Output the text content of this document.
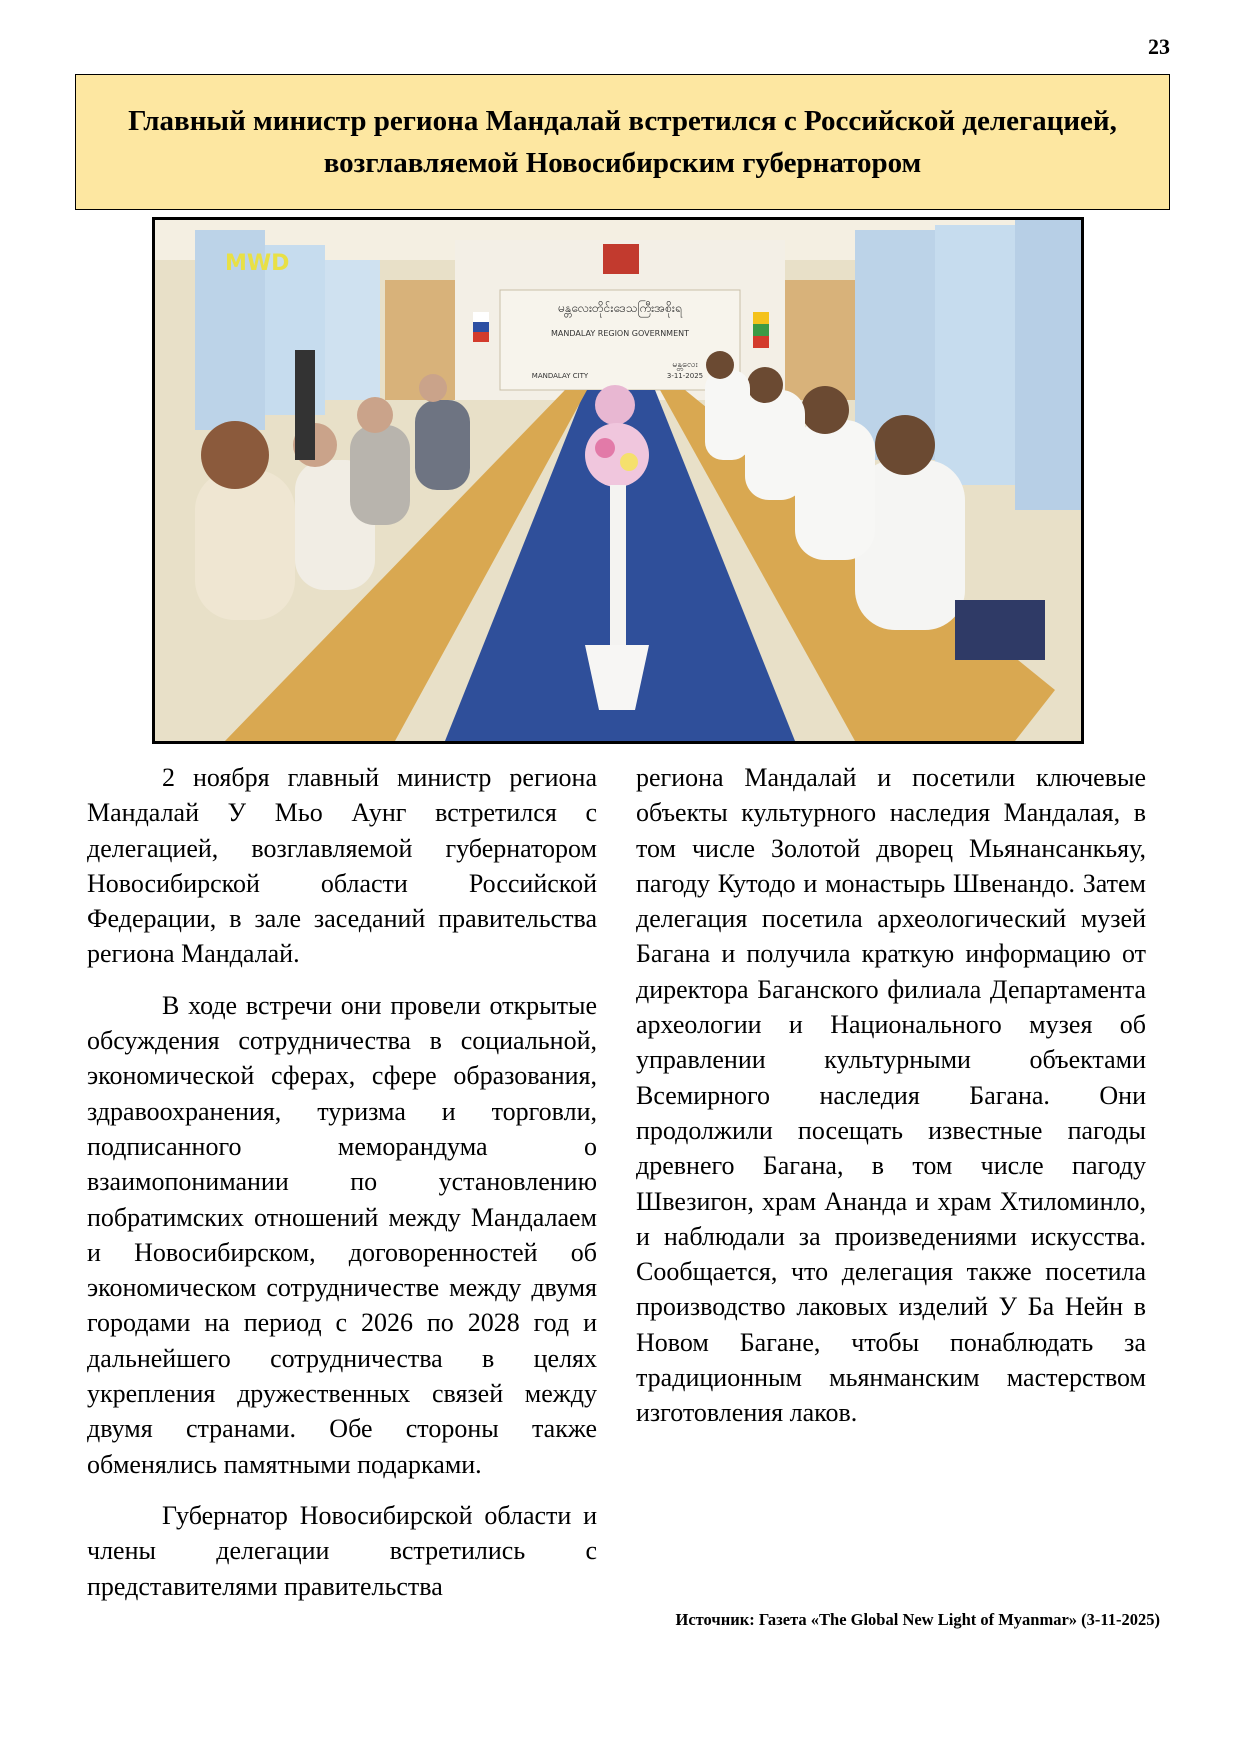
23
Главный министр региона Мандалай встретился с Российской делегацией, возглавляемой Новосибирским губернатором
မန္တလေးတိုင်းဒေသကြီးအစိုးရ
MANDALAY REGION GOVERNMENT
MANDALAY CITY
မန္တလေး
3-11-2025
MWD

2 ноября главный министр региона Мандалай У Мьо Аунг встретился с делегацией, возглавляемой губернатором Новосибирской области Российской Федерации, в зале заседаний правительства региона Мандалай.

В ходе встречи они провели открытые обсуждения сотрудничества в социальной, экономической сферах, сфере образования, здравоохранения, туризма и торговли, подписанного меморандума о взаимопонимании по установлению побратимских отношений между Мандалаем и Новосибирском, договоренностей об экономическом сотрудничестве между двумя городами на период с 2026 по 2028 год и дальнейшего сотрудничества в целях укрепления дружественных связей между двумя странами. Обе стороны также обменялись памятными подарками.

Губернатор Новосибирской области и члены делегации встретились с представителями правительства

региона Мандалай и посетили ключевые объекты культурного наследия Мандалая, в том числе Золотой дворец Мьянансанкьяу, пагоду Кутодо и монастырь Швенандо. Затем делегация посетила археологический музей Багана и получила краткую информацию от директора Баганского филиала Департамента археологии и Национального музея об управлении культурными объектами Всемирного наследия Багана. Они продолжили посещать известные пагоды древнего Багана, в том числе пагоду Швезигон, храм Ананда и храм Хтиломинло, и наблюдали за произведениями искусства. Сообщается, что делегация также посетила производство лаковых изделий У Ба Нейн в Новом Багане, чтобы понаблюдать за традиционным мьянманским мастерством изготовления лаков.

Источник: Газета «The Global New Light of Myanmar» (3-11-2025)
